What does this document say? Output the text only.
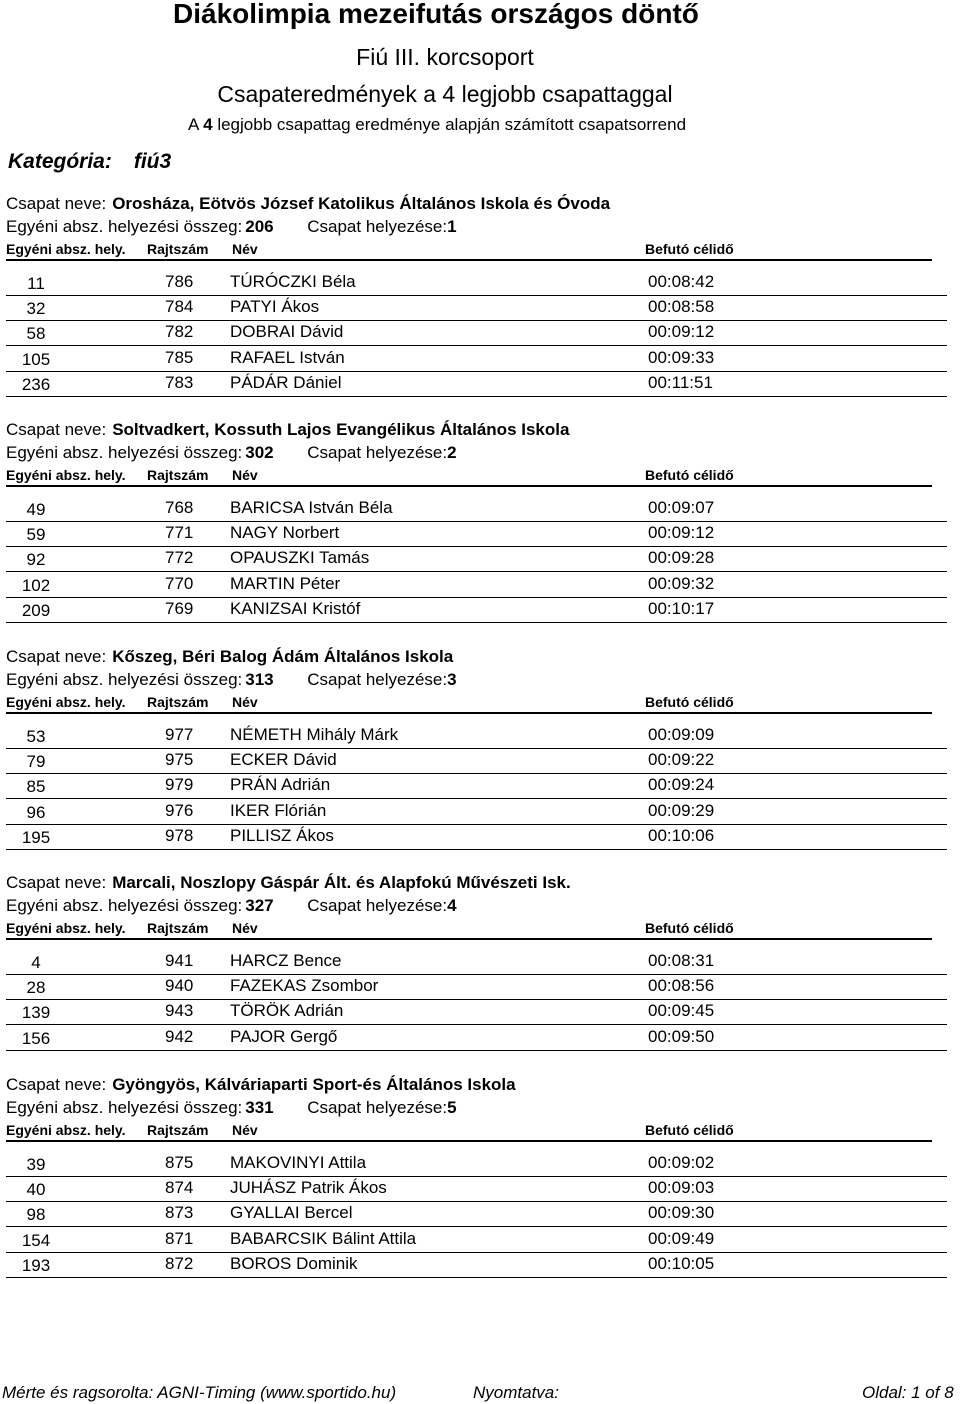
Diákolimpia mezeifutás országos döntő
Fiú III. korcsoport
Csapateredmények a 4 legjobb csapattaggal
A 4 legjobb csapattag eredménye alapján számított csapatsorrend
Kategória: fiú3
Csapat neve: Orosháza, Eötvös József Katolikus Általános Iskola és Óvoda
Egyéni absz. helyezési összeg: 206 Csapat helyezése:1
Egyéni absz. hely. Rajtszám Név	Befutó célidő
11	786 TÚRÓCZKI Béla	00:08:42
32	784 PATYI Ákos	00:08:58
58	782 DOBRAI Dávid	00:09:12
105	785 RAFAEL István	00:09:33
236	783 PÁDÁR Dániel	00:11:51
Csapat neve: Soltvadkert, Kossuth Lajos Evangélikus Általános Iskola
Egyéni absz. helyezési összeg: 302 Csapat helyezése:2
Egyéni absz. hely. Rajtszám Név	Befutó célidő
49	768 BARICSA István Béla	00:09:07
59	771 NAGY Norbert	00:09:12
92	772 OPAUSZKI Tamás	00:09:28
102	770 MARTIN Péter	00:09:32
209	769 KANIZSAI Kristóf	00:10:17
Csapat neve: Kőszeg, Béri Balog Ádám Általános Iskola
Egyéni absz. helyezési összeg: 313 Csapat helyezése:3
Egyéni absz. hely. Rajtszám Név	Befutó célidő
53	977 NÉMETH Mihály Márk	00:09:09
79	975 ECKER Dávid	00:09:22
85	979 PRÁN Adrián	00:09:24
96	976 IKER Flórián	00:09:29
195	978 PILLISZ Ákos	00:10:06
Csapat neve: Marcali, Noszlopy Gáspár Ált. és Alapfokú Művészeti Isk.
Egyéni absz. helyezési összeg: 327 Csapat helyezése:4
Egyéni absz. hely. Rajtszám Név	Befutó célidő
4	941 HARCZ Bence	00:08:31
28	940 FAZEKAS Zsombor	00:08:56
139	943 TÖRÖK Adrián	00:09:45
156	942 PAJOR Gergő	00:09:50
Csapat neve: Gyöngyös, Kálváriaparti Sport-és Általános Iskola
Egyéni absz. helyezési összeg: 331 Csapat helyezése:5
Egyéni absz. hely. Rajtszám Név	Befutó célidő
39	875 MAKOVINYI Attila	00:09:02
40	874 JUHÁSZ Patrik Ákos	00:09:03
98	873 GYALLAI Bercel	00:09:30
154	871 BABARCSIK Bálint Attila	00:09:49
193	872 BOROS Dominik	00:10:05
Mérte és ragsorolta: AGNI-Timing (www.sportido.hu)	Nyomtatva:	Oldal: 1 of 8
